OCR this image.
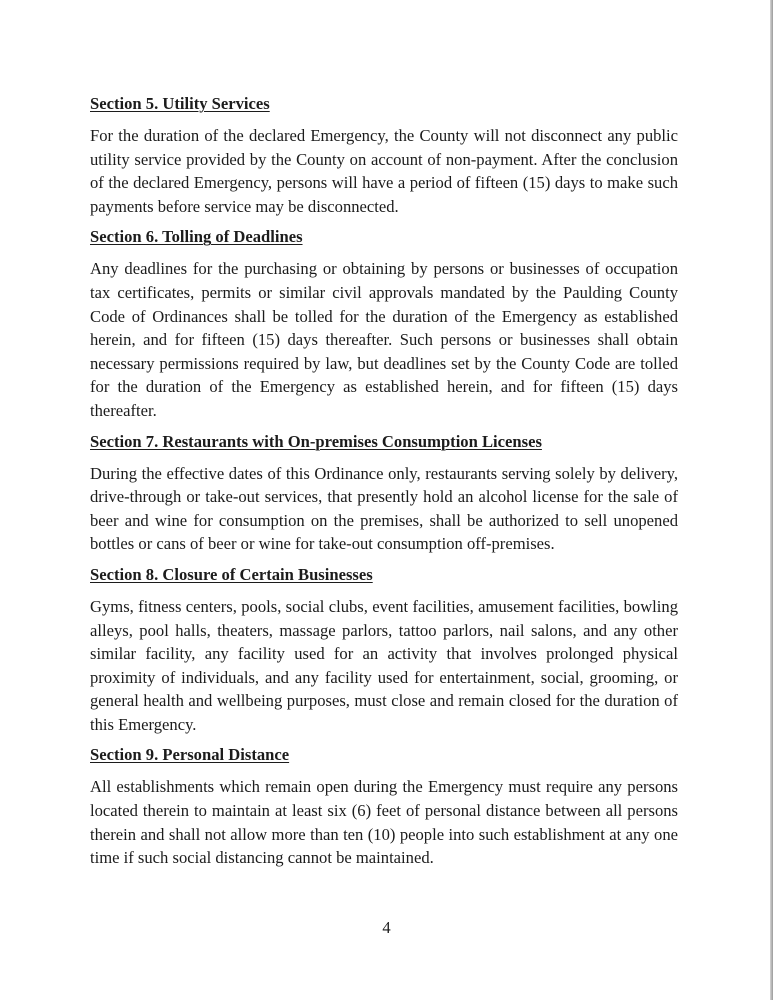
Section 5. Utility Services

For the duration of the declared Emergency, the County will not disconnect any public utility service provided by the County on account of non-payment. After the conclusion of the declared Emergency, persons will have a period of fifteen (15) days to make such payments before service may be disconnected.

Section 6. Tolling of Deadlines

Any deadlines for the purchasing or obtaining by persons or businesses of occupation tax certificates, permits or similar civil approvals mandated by the Paulding County Code of Ordinances shall be tolled for the duration of the Emergency as established herein, and for fifteen (15) days thereafter. Such persons or businesses shall obtain necessary permissions required by law, but deadlines set by the County Code are tolled for the duration of the Emergency as established herein, and for fifteen (15) days thereafter.

Section 7. Restaurants with On-premises Consumption Licenses

During the effective dates of this Ordinance only, restaurants serving solely by delivery, drive-through or take-out services, that presently hold an alcohol license for the sale of beer and wine for consumption on the premises, shall be authorized to sell unopened bottles or cans of beer or wine for take-out consumption off-premises.

Section 8. Closure of Certain Businesses

Gyms, fitness centers, pools, social clubs, event facilities, amusement facilities, bowling alleys, pool halls, theaters, massage parlors, tattoo parlors, nail salons, and any other similar facility, any facility used for an activity that involves prolonged physical proximity of individuals, and any facility used for entertainment, social, grooming, or general health and wellbeing purposes, must close and remain closed for the duration of this Emergency.

Section 9. Personal Distance

All establishments which remain open during the Emergency must require any persons located therein to maintain at least six (6) feet of personal distance between all persons therein and shall not allow more than ten (10) people into such establishment at any one time if such social distancing cannot be maintained.

4
